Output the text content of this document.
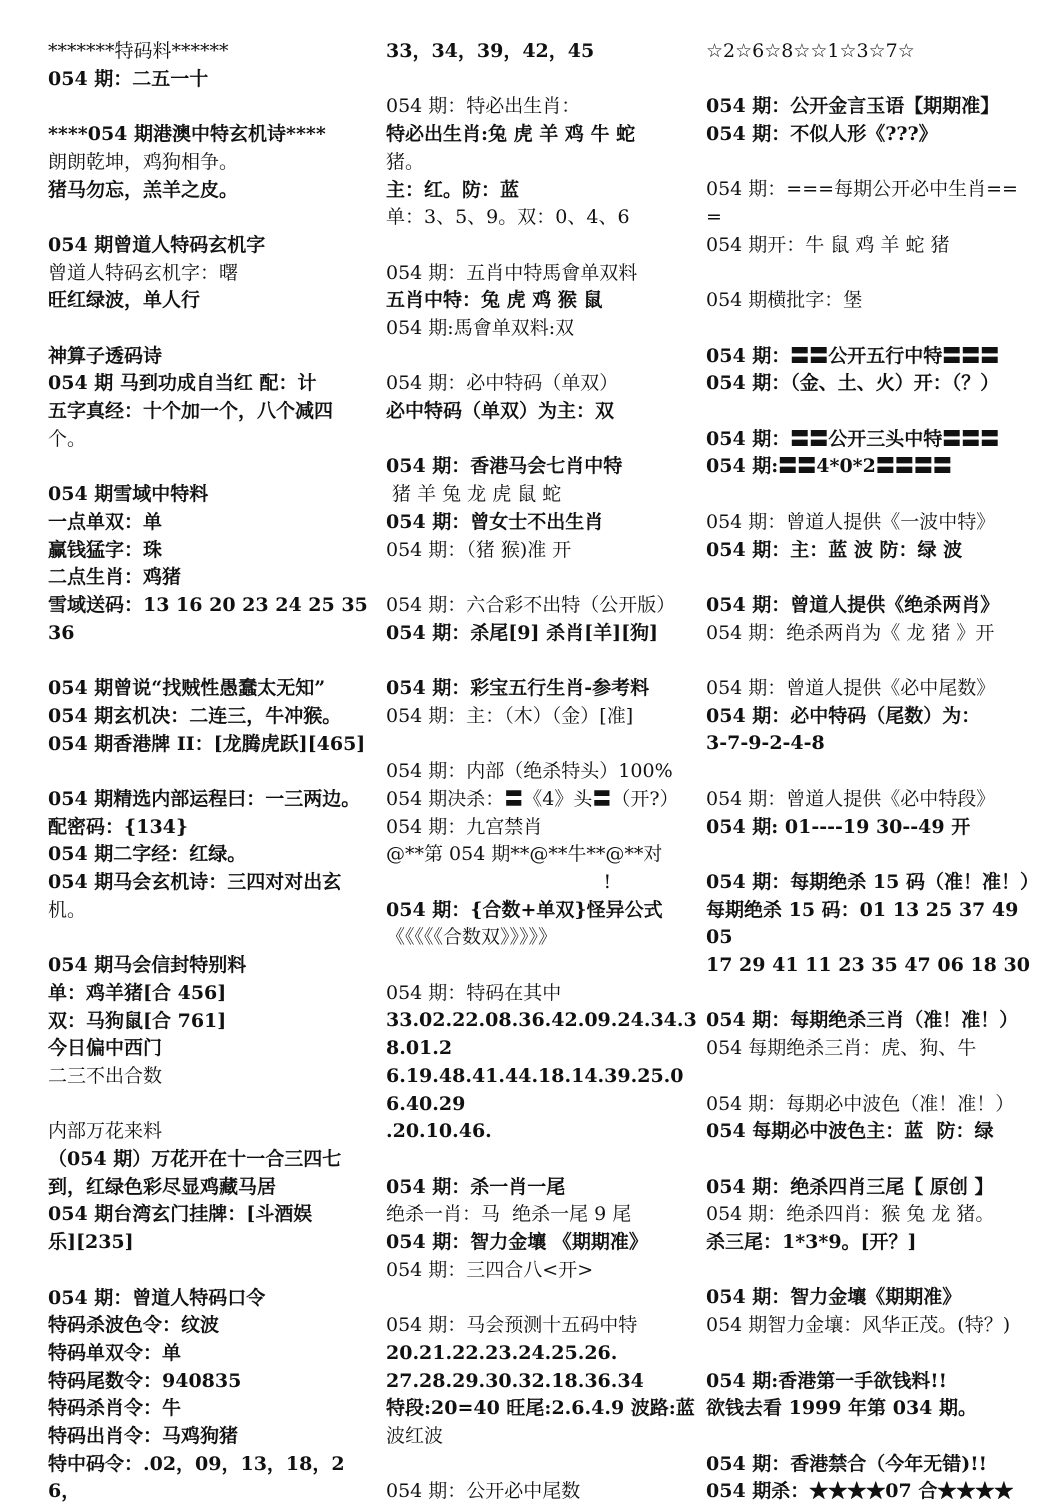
*******特码料******
054 期：二五一十
****054 期港澳中特玄机诗****
朗朗乾坤，鸡狗相争。
猪马勿忘，羔羊之皮。
054 期曾道人特码玄机字
曾道人特码玄机字：曙
旺红绿波，单人行
神算子透码诗
054 期 马到功成自当红 配：计
五字真经：十个加一个，八个减四
个。
054 期雪域中特料
一点单双：单
赢钱猛字：珠
二点生肖：鸡猪
雪域送码：13 16 20 23 24 25 35 36
054 期曾说“找贼性愚蠢太无知”
054 期玄机决：二连三，牛冲猴。
054 期香港牌 II：[龙腾虎跃][465]
054 期精选内部运程曰：一三两边。
配密码：{134}
054 期二字经：红绿。
054 期马会玄机诗：三四对对出玄
机。
054 期马会信封特别料
单：鸡羊猪[合 456]
双：马狗鼠[合 761]
今日偏中西门
二三不出合数
内部万花来料
（054 期）万花开在十一合三四七
到，红绿色彩尽显鸡藏马居
054 期台湾玄门挂牌：[斗酒娱
乐][235]
054 期：曾道人特码口令
特码杀波色令：纹波
特码单双令：单
特码尾数令：940835
特码杀肖令：牛
特码出肖令：马鸡狗猪
特中码令：.02，09，13，18，26，
33，34，39，42，45
054 期：特必出生肖：
特必出生肖:兔 虎 羊 鸡 牛 蛇
猪。
主：红。防：蓝
单：3、5、9。双：0、4、6
054 期：五肖中特馬會单双料
五肖中特：兔 虎 鸡 猴 鼠
054 期:馬會单双料:双
054 期：必中特码（单双）
必中特码（单双）为主：双
054 期：香港马会七肖中特
猪 羊 兔 龙 虎 鼠 蛇
054 期：曾女士不出生肖
054 期：（猪 猴)准 开
054 期：六合彩不出特（公开版）
054 期：杀尾[9] 杀肖[羊][狗]
054 期：彩宝五行生肖-参考料
054 期：主：（木）（金）[准]
054 期：内部（绝杀特头）100%
054 期决杀：〓《4》头〓（开?）
054 期：九宫禁肖
@**第 054 期**@**牛**@**对
!
054 期：{合数+单双}怪异公式
《《《《《合数双》》》》》
054 期：特码在其中
33.02.22.08.36.42.09.24.34.38.01.2
6.19.48.41.44.18.14.39.25.06.40.29
.20.10.46.
054 期：杀一肖一尾
绝杀一肖：马  绝杀一尾 9 尾
054 期：智力金壤 《期期准》
054 期：三四合八<开>
054 期：马会预测十五码中特
20.21.22.23.24.25.26.
27.28.29.30.32.18.36.34
特段:20=40 旺尾:2.6.4.9 波路:蓝
波红波
054 期：公开必中尾数
☆2☆6☆8☆☆1☆3☆7☆
054 期：公开金言玉语【期期准】
054 期：不似人形《???》
054 期：===每期公开必中生肖===
054 期开：牛 鼠 鸡 羊 蛇 猪
054 期横批字：堡
054 期：〓〓公开五行中特〓〓〓
054 期：（金、土、火）开：（？）
054 期：〓〓公开三头中特〓〓〓
054 期:〓〓4*0*2〓〓〓〓
054 期：曾道人提供《一波中特》
054 期：主：蓝 波 防：绿 波
054 期：曾道人提供《绝杀两肖》
054 期：绝杀两肖为《 龙 猪 》开
054 期：曾道人提供《必中尾数》
054 期：必中特码（尾数）为：
3-7-9-2-4-8
054 期：曾道人提供《必中特段》
054 期: 01----19 30--49 开
054 期：每期绝杀 15 码（准！准！）
每期绝杀 15 码：01 13 25 37 49 05
17 29 41 11 23 35 47 06 18 30
054 期：每期绝杀三肖（准！准！）
054 每期绝杀三肖：虎、狗、牛
054 期：每期必中波色（准！准！）
054 每期必中波色主：蓝  防：绿
054 期：绝杀四肖三尾【 原创 】
054 期：绝杀四肖：猴 兔 龙 猪。
杀三尾：1*3*9。[开？]
054 期：智力金壤《期期准》
054 期智力金壤：风华正茂。(特？)
054 期:香港第一手欲钱料!!
欲钱去看 1999 年第 034 期。
054 期：香港禁合（今年无错)!!
054 期杀：★★★★07 合★★★★
